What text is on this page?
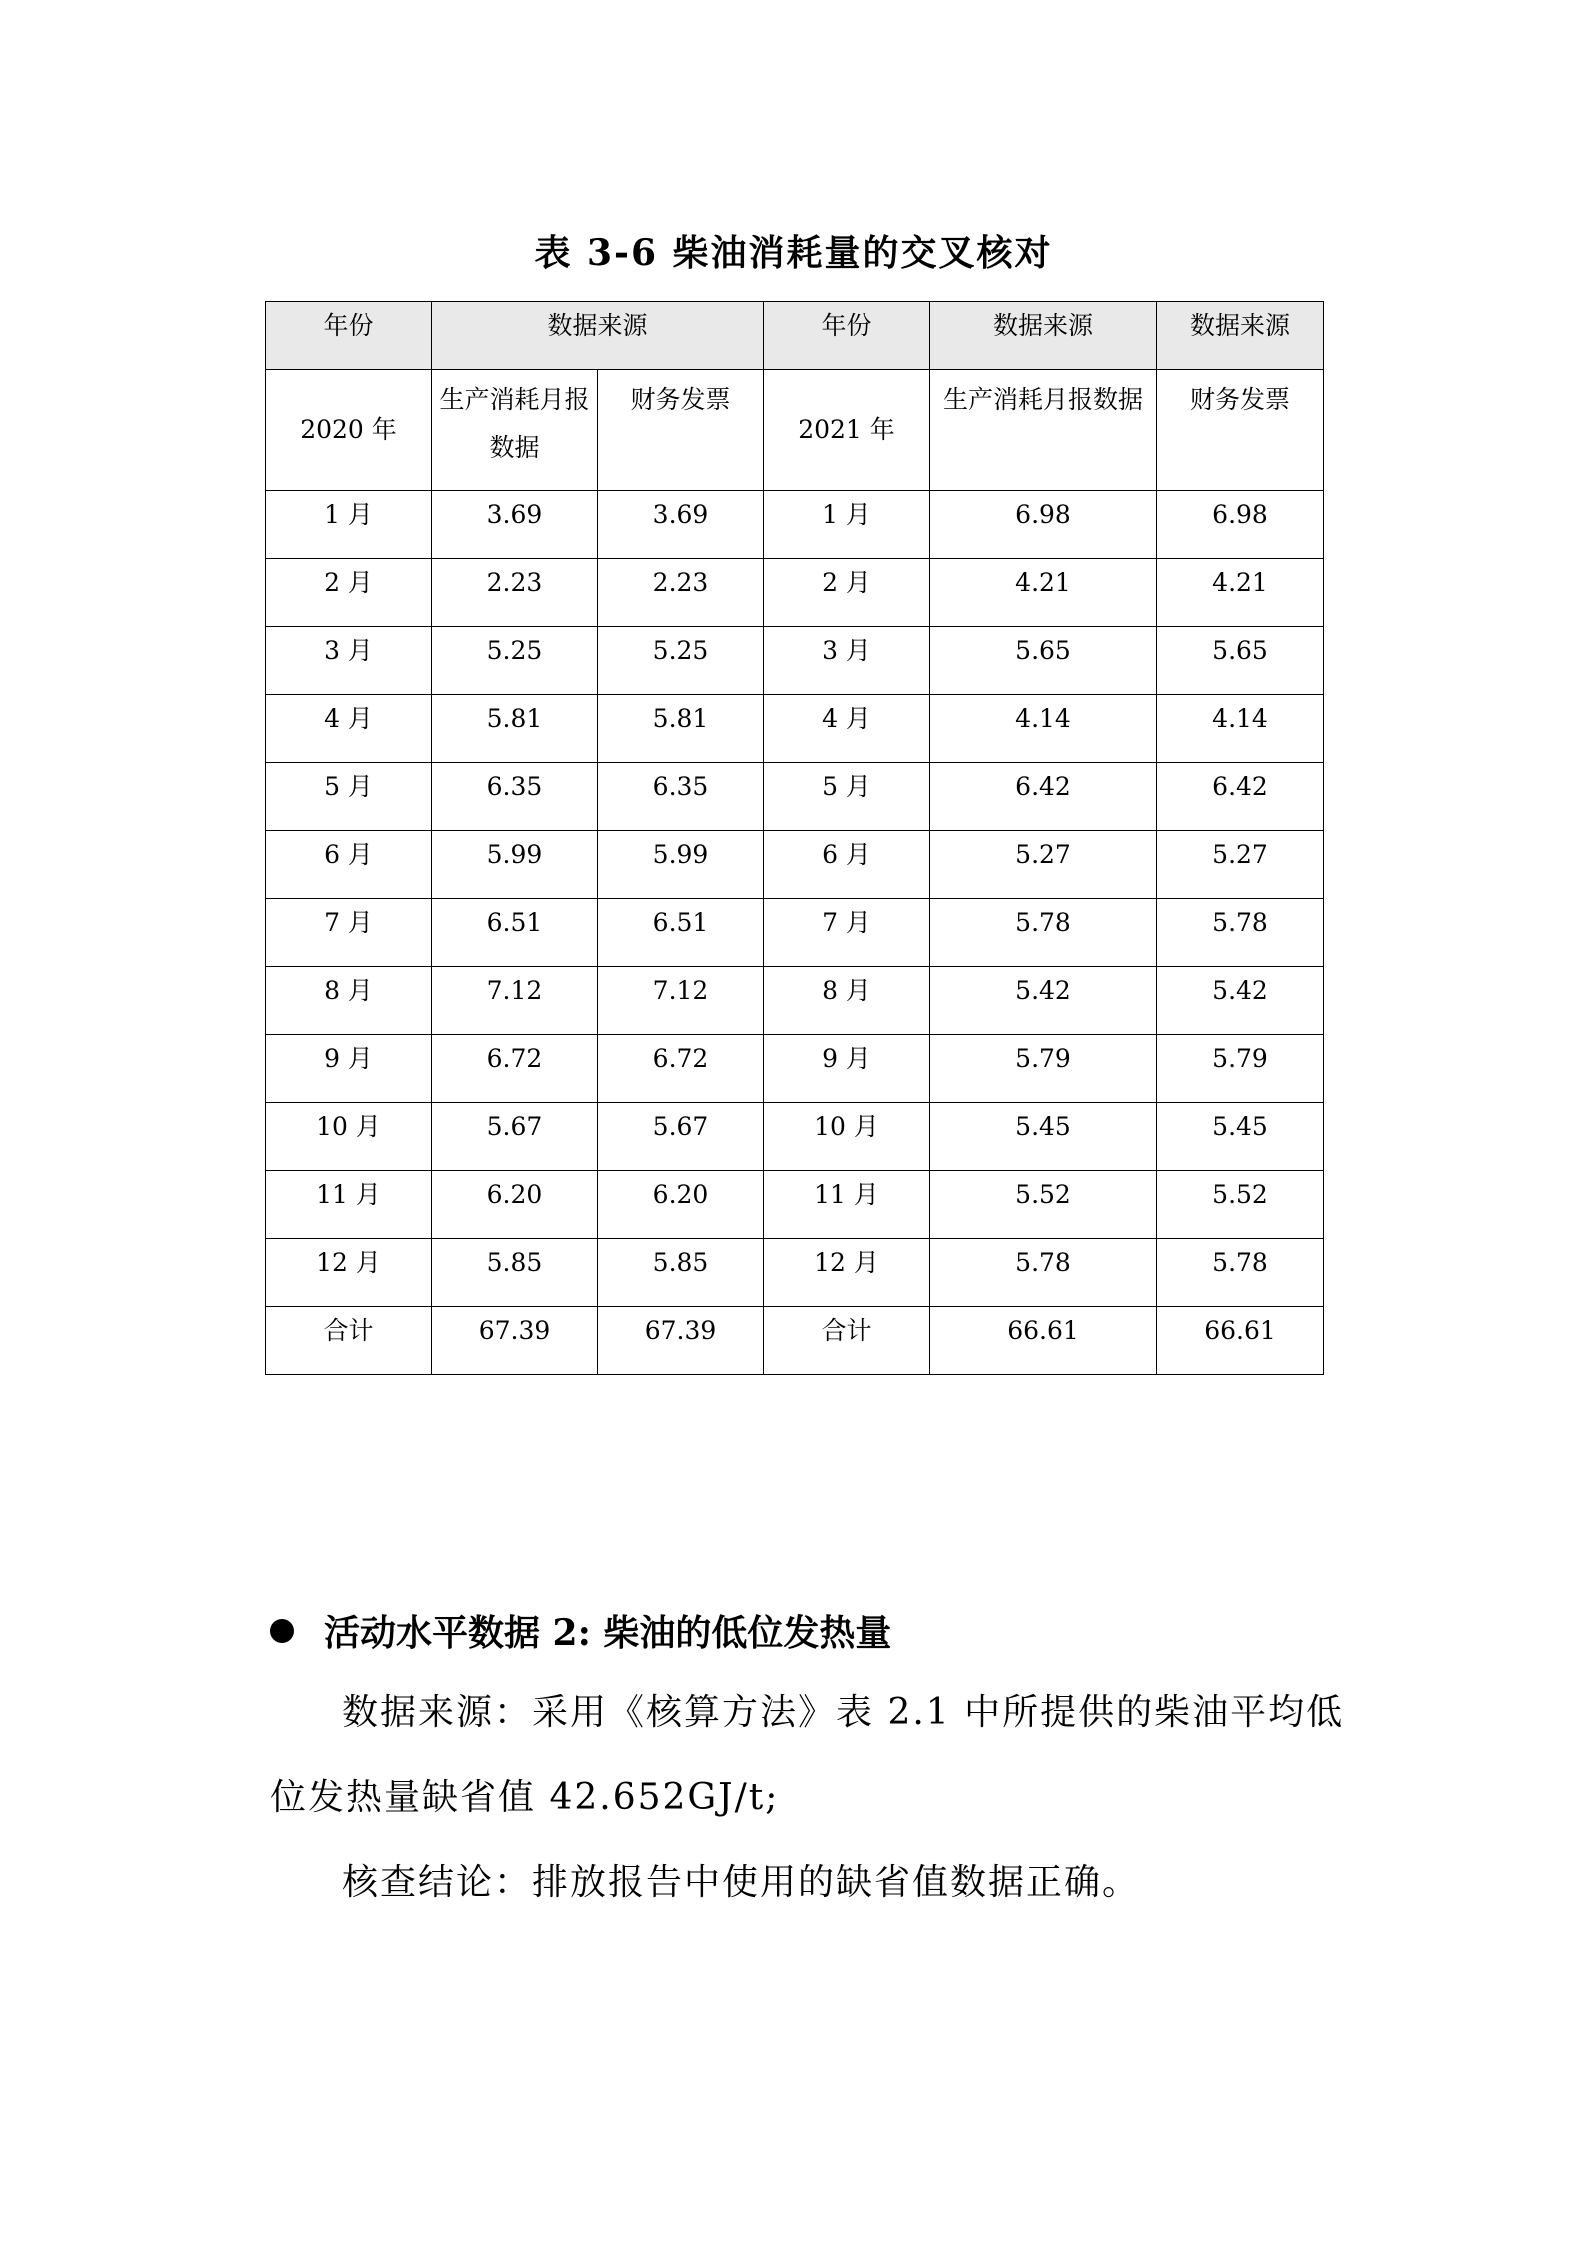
表 3-6 柴油消耗量的交叉核对
年份	数据来源		年份	数据来源	数据来源
2020 年	生产消耗月报数据	财务发票	2021 年	生产消耗月报数据	财务发票
1 月	3.69	3.69	1 月	6.98	6.98
2 月	2.23	2.23	2 月	4.21	4.21
3 月	5.25	5.25	3 月	5.65	5.65
4 月	5.81	5.81	4 月	4.14	4.14
5 月	6.35	6.35	5 月	6.42	6.42
6 月	5.99	5.99	6 月	5.27	5.27
7 月	6.51	6.51	7 月	5.78	5.78
8 月	7.12	7.12	8 月	5.42	5.42
9 月	6.72	6.72	9 月	5.79	5.79
10 月	5.67	5.67	10 月	5.45	5.45
11 月	6.20	6.20	11 月	5.52	5.52
12 月	5.85	5.85	12 月	5.78	5.78
合计	67.39	67.39	合计	66.61	66.61
活动水平数据 2: 柴油的低位发热量
数据来源：采用《核算方法》表 2.1 中所提供的柴油平均低位发热量缺省值 42.652GJ/t;
核查结论：排放报告中使用的缺省值数据正确。
